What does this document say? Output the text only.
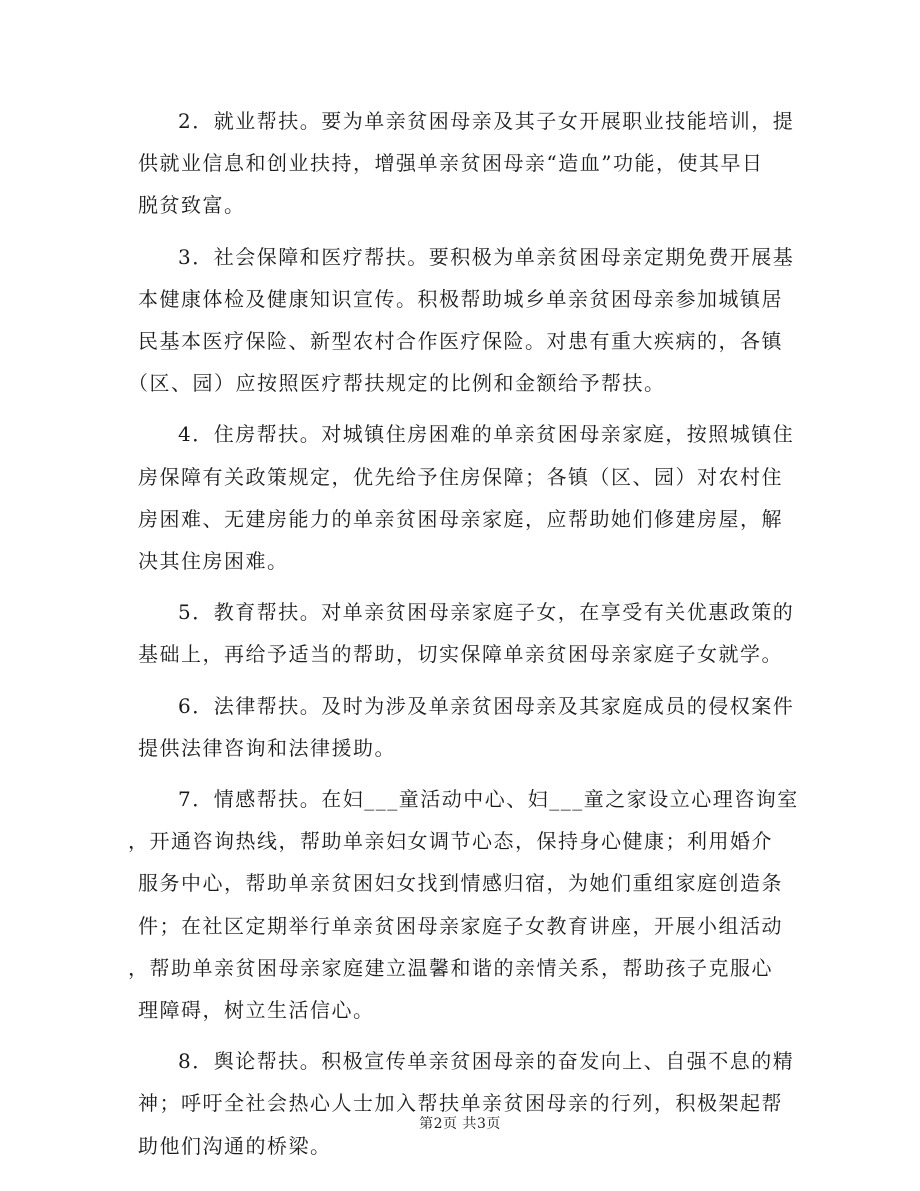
2．就业帮扶。要为单亲贫困母亲及其子女开展职业技能培训，提
供就业信息和创业扶持，增强单亲贫困母亲“造血”功能，使其早日
脱贫致富。

3．社会保障和医疗帮扶。要积极为单亲贫困母亲定期免费开展基
本健康体检及健康知识宣传。积极帮助城乡单亲贫困母亲参加城镇居
民基本医疗保险、新型农村合作医疗保险。对患有重大疾病的，各镇
（区、园）应按照医疗帮扶规定的比例和金额给予帮扶。

4．住房帮扶。对城镇住房困难的单亲贫困母亲家庭，按照城镇住
房保障有关政策规定，优先给予住房保障；各镇（区、园）对农村住
房困难、无建房能力的单亲贫困母亲家庭，应帮助她们修建房屋，解
决其住房困难。

5．教育帮扶。对单亲贫困母亲家庭子女，在享受有关优惠政策的
基础上，再给予适当的帮助，切实保障单亲贫困母亲家庭子女就学。

6．法律帮扶。及时为涉及单亲贫困母亲及其家庭成员的侵权案件
提供法律咨询和法律援助。

7．情感帮扶。在妇___童活动中心、妇___童之家设立心理咨询室
，开通咨询热线，帮助单亲妇女调节心态，保持身心健康；利用婚介
服务中心，帮助单亲贫困妇女找到情感归宿，为她们重组家庭创造条
件；在社区定期举行单亲贫困母亲家庭子女教育讲座，开展小组活动
，帮助单亲贫困母亲家庭建立温馨和谐的亲情关系，帮助孩子克服心
理障碍，树立生活信心。

8．舆论帮扶。积极宣传单亲贫困母亲的奋发向上、自强不息的精
神；呼吁全社会热心人士加入帮扶单亲贫困母亲的行列，积极架起帮
助他们沟通的桥梁。

第2页 共3页
